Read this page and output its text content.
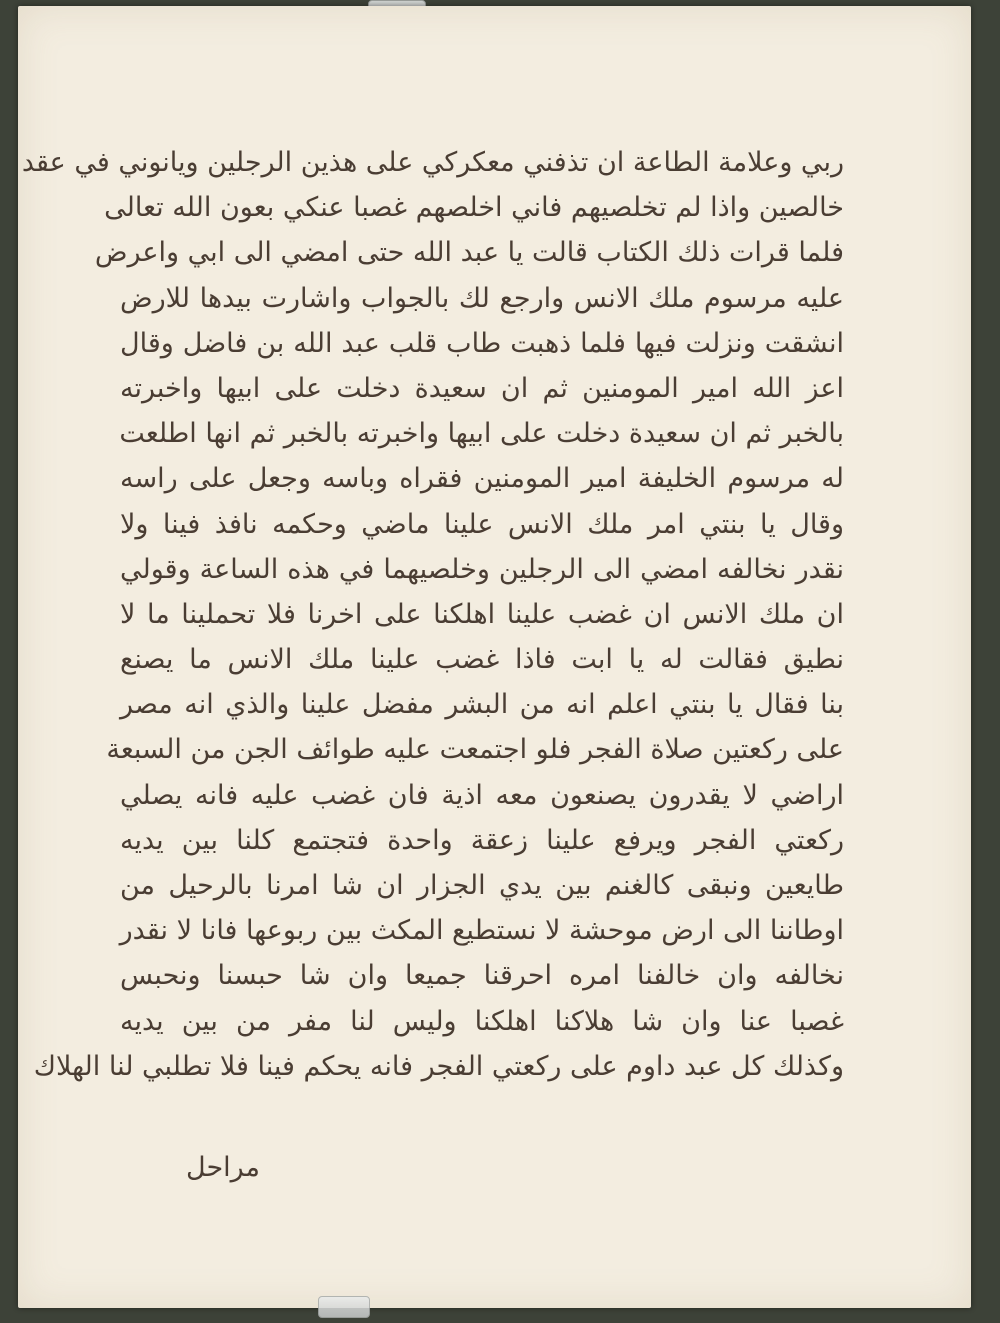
ربي وعلامة الطاعة ان تذفني معكركي على هذين الرجلين ويانوني في عقد
خالصين واذا لم تخلصيهم فاني اخلصهم غصبا عنكي بعون الله تعالى
فلما قرات ذلك الكتاب قالت يا عبد الله حتى امضي الى ابي واعرض
عليه مرسوم ملك الانس وارجع لك بالجواب واشارت بيدها للارض
انشقت ونزلت فيها فلما ذهبت طاب قلب عبد الله بن فاضل وقال
اعز الله امير المومنين ثم ان سعيدة دخلت على ابيها واخبرته
بالخبر ثم ان سعيدة دخلت على ابيها واخبرته بالخبر ثم انها اطلعت
له مرسوم الخليفة امير المومنين فقراه وباسه وجعل على راسه
وقال يا بنتي امر ملك الانس علينا ماضي وحكمه نافذ فينا ولا
نقدر نخالفه امضي الى الرجلين وخلصيهما في هذه الساعة وقولي
ان ملك الانس ان غضب علينا اهلكنا على اخرنا فلا تحملينا ما لا
نطيق فقالت له يا ابت فاذا غضب علينا ملك الانس ما يصنع
بنا فقال يا بنتي اعلم انه من البشر مفضل علينا والذي انه مصر
على ركعتين صلاة الفجر فلو اجتمعت عليه طوائف الجن من السبعة
اراضي لا يقدرون يصنعون معه اذية فان غضب عليه فانه يصلي
ركعتي الفجر ويرفع علينا زعقة واحدة فتجتمع كلنا بين يديه
طايعين ونبقى كالغنم بين يدي الجزار ان شا امرنا بالرحيل من
اوطاننا الى ارض موحشة لا نستطيع المكث بين ربوعها فانا لا نقدر
نخالفه وان خالفنا امره احرقنا جميعا وان شا حبسنا ونحبس
غصبا عنا وان شا هلاكنا اهلكنا وليس لنا مفر من بين يديه
وكذلك كل عبد داوم على ركعتي الفجر فانه يحكم فينا فلا تطلبي لنا الهلاك
مراحل
